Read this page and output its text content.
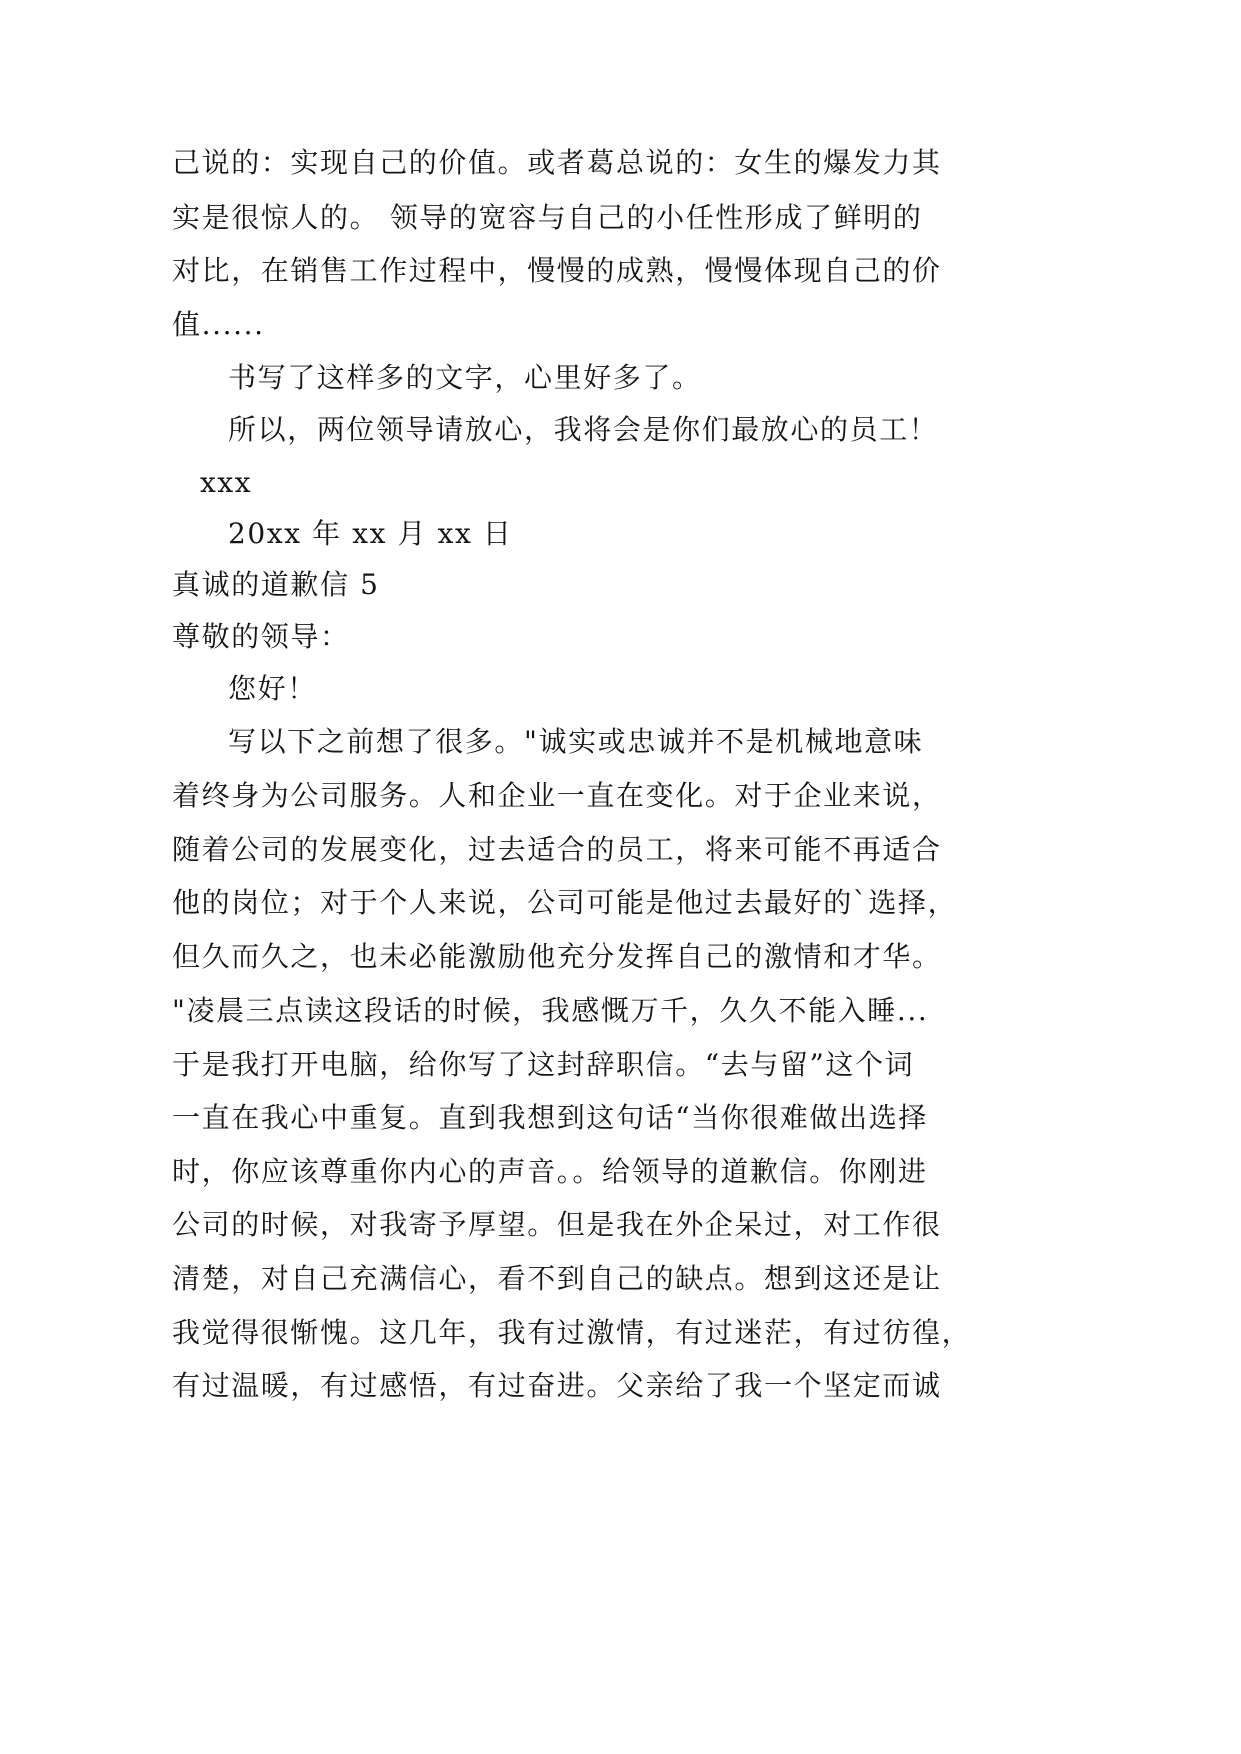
己说的：实现自己的价值。或者葛总说的：女生的爆发力其
实是很惊人的。 领导的宽容与自己的小任性形成了鲜明的
对比，在销售工作过程中，慢慢的成熟，慢慢体现自己的价
值......
书写了这样多的文字，心里好多了。
所以，两位领导请放心，我将会是你们最放心的员工！
xxx
20xx 年 xx 月 xx 日
真诚的道歉信 5
尊敬的领导：
您好！
写以下之前想了很多。"诚实或忠诚并不是机械地意味
着终身为公司服务。人和企业一直在变化。对于企业来说，
随着公司的发展变化，过去适合的员工，将来可能不再适合
他的岗位；对于个人来说，公司可能是他过去最好的`选择，
但久而久之，也未必能激励他充分发挥自己的激情和才华。
"凌晨三点读这段话的时候，我感慨万千，久久不能入睡...
于是我打开电脑，给你写了这封辞职信。“去与留”这个词
一直在我心中重复。直到我想到这句话“当你很难做出选择
时，你应该尊重你内心的声音。。给领导的道歉信。你刚进
公司的时候，对我寄予厚望。但是我在外企呆过，对工作很
清楚，对自己充满信心，看不到自己的缺点。想到这还是让
我觉得很惭愧。这几年，我有过激情，有过迷茫，有过彷徨，
有过温暖，有过感悟，有过奋进。父亲给了我一个坚定而诚
